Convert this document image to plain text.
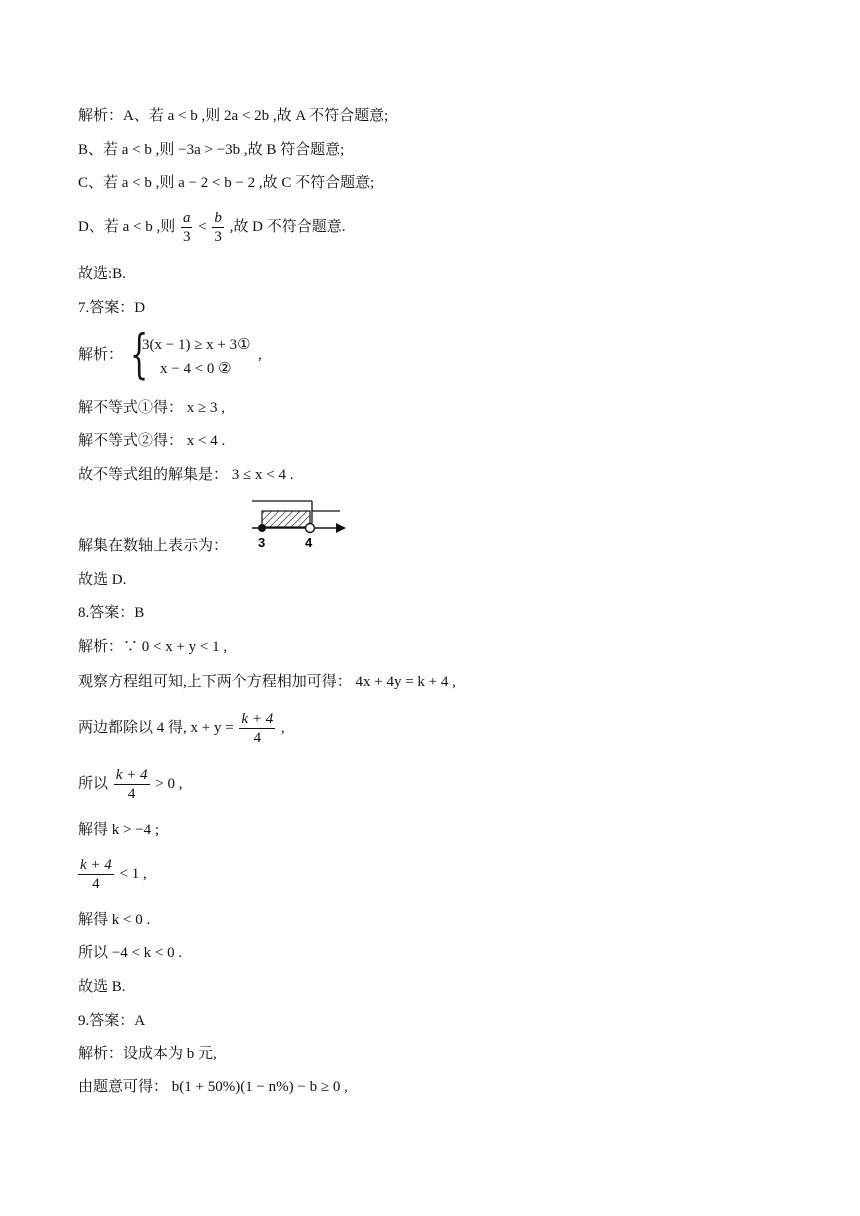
解析：A、若 a < b ,则 2a < 2b ,故 A 不符合题意;
B、若 a < b ,则 −3a > −3b ,故 B 符合题意;
C、若 a < b ,则 a − 2 < b − 2 ,故 C 不符合题意;
D、若 a < b ,则 $\frac{a}{3} < \frac{b}{3}$ ,故 D 不符合题意.
故选:B.
7.答案：D
解析： {
3(x − 1) ≥ x + 3①
x − 4 < 0 ②
,
解不等式①得： x ≥ 3 ,
解不等式②得： x < 4 .
故不等式组的解集是： 3 ≤ x < 4 .
解集在数轴上表示为： 3	4
故选 D.
8.答案：B
解析：∵ 0 < x + y < 1 ,
观察方程组可知,上下两个方程相加可得： 4x + 4y = k + 4 ,
两边都除以 4 得, $x + y = \frac{k + 4}{4}$ ,
所以 $\frac{k + 4}{4} > 0$ ,
解得 k > −4 ;
$\frac{k + 4}{4} < 1$ ,
解得 k < 0 .
所以 −4 < k < 0 .
故选 B.
9.答案：A
解析：设成本为 b 元,
由题意可得： b(1 + 50%)(1 − n%) − b ≥ 0 ,
